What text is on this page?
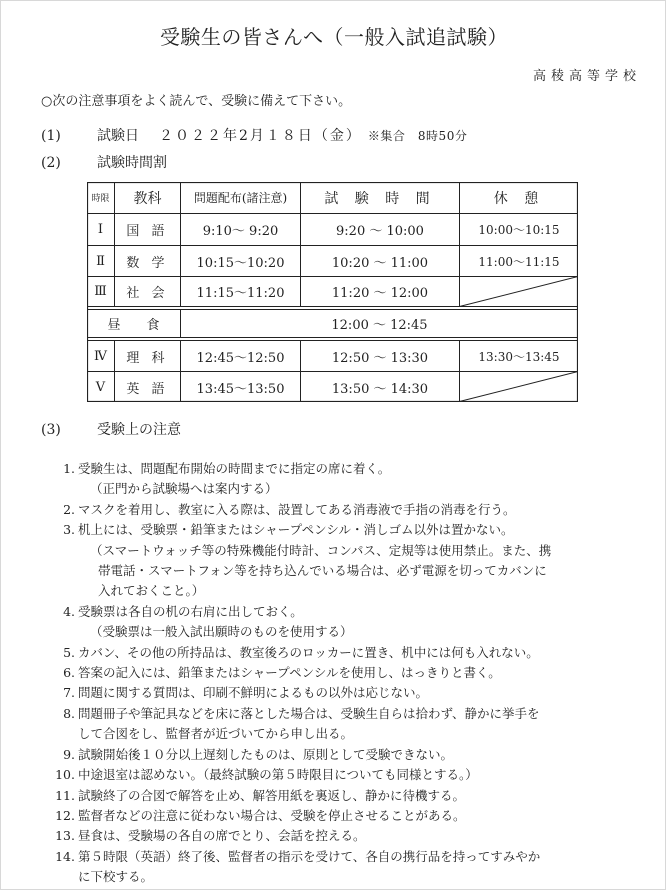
受験生の皆さんへ（一般入試追試験）
高稜高等学校
○次の注意事項をよく読んで、受験に備えて下さい。
(1)	試験日 ２０２２年2月１８日（金） ※集合　8時50分
(2)	試験時間割
時限	教科	問題配布(諸注意)	試 験 時 間	休 憩
Ⅰ	国 語	9:10〜 9:20	9:20 〜 10:00	10:00〜10:15
Ⅱ	数 学	10:15〜10:20	10:20 〜 11:00	11:00〜11:15
Ⅲ	社 会	11:15〜11:20	11:20 〜 12:00
昼　　食	12:00 〜 12:45
Ⅳ	理 科	12:45〜12:50	12:50 〜 13:30	13:30〜13:45
Ⅴ	英 語	13:45〜13:50	13:50 〜 14:30
(3)	受験上の注意
1. 受験生は、問題配布開始の時間までに指定の席に着く。
（正門から試験場へは案内する）
2. マスクを着用し、教室に入る際は、設置してある消毒液で手指の消毒を行う。
3. 机上には、受験票・鉛筆またはシャープペンシル・消しゴム以外は置かない。
（スマートウォッチ等の特殊機能付時計、コンパス、定規等は使用禁止。また、携
帯電話・スマートフォン等を持ち込んでいる場合は、必ず電源を切ってカバンに
入れておくこと。）
4. 受験票は各自の机の右肩に出しておく。
（受験票は一般入試出願時のものを使用する）
5. カバン、その他の所持品は、教室後ろのロッカーに置き、机中には何も入れない。
6. 答案の記入には、鉛筆またはシャープペンシルを使用し、はっきりと書く。
7. 問題に関する質問は、印刷不鮮明によるもの以外は応じない。
8. 問題冊子や筆記具などを床に落とした場合は、受験生自らは拾わず、静かに挙手を
して合図をし、監督者が近づいてから申し出る。
9. 試験開始後１０分以上遅刻したものは、原則として受験できない。
10. 中途退室は認めない。（最終試験の第５時限目についても同様とする。）
11. 試験終了の合図で解答を止め、解答用紙を裏返し、静かに待機する。
12. 監督者などの注意に従わない場合は、受験を停止させることがある。
13. 昼食は、受験場の各自の席でとり、会話を控える。
14. 第５時限（英語）終了後、監督者の指示を受けて、各自の携行品を持ってすみやか
に下校する。
